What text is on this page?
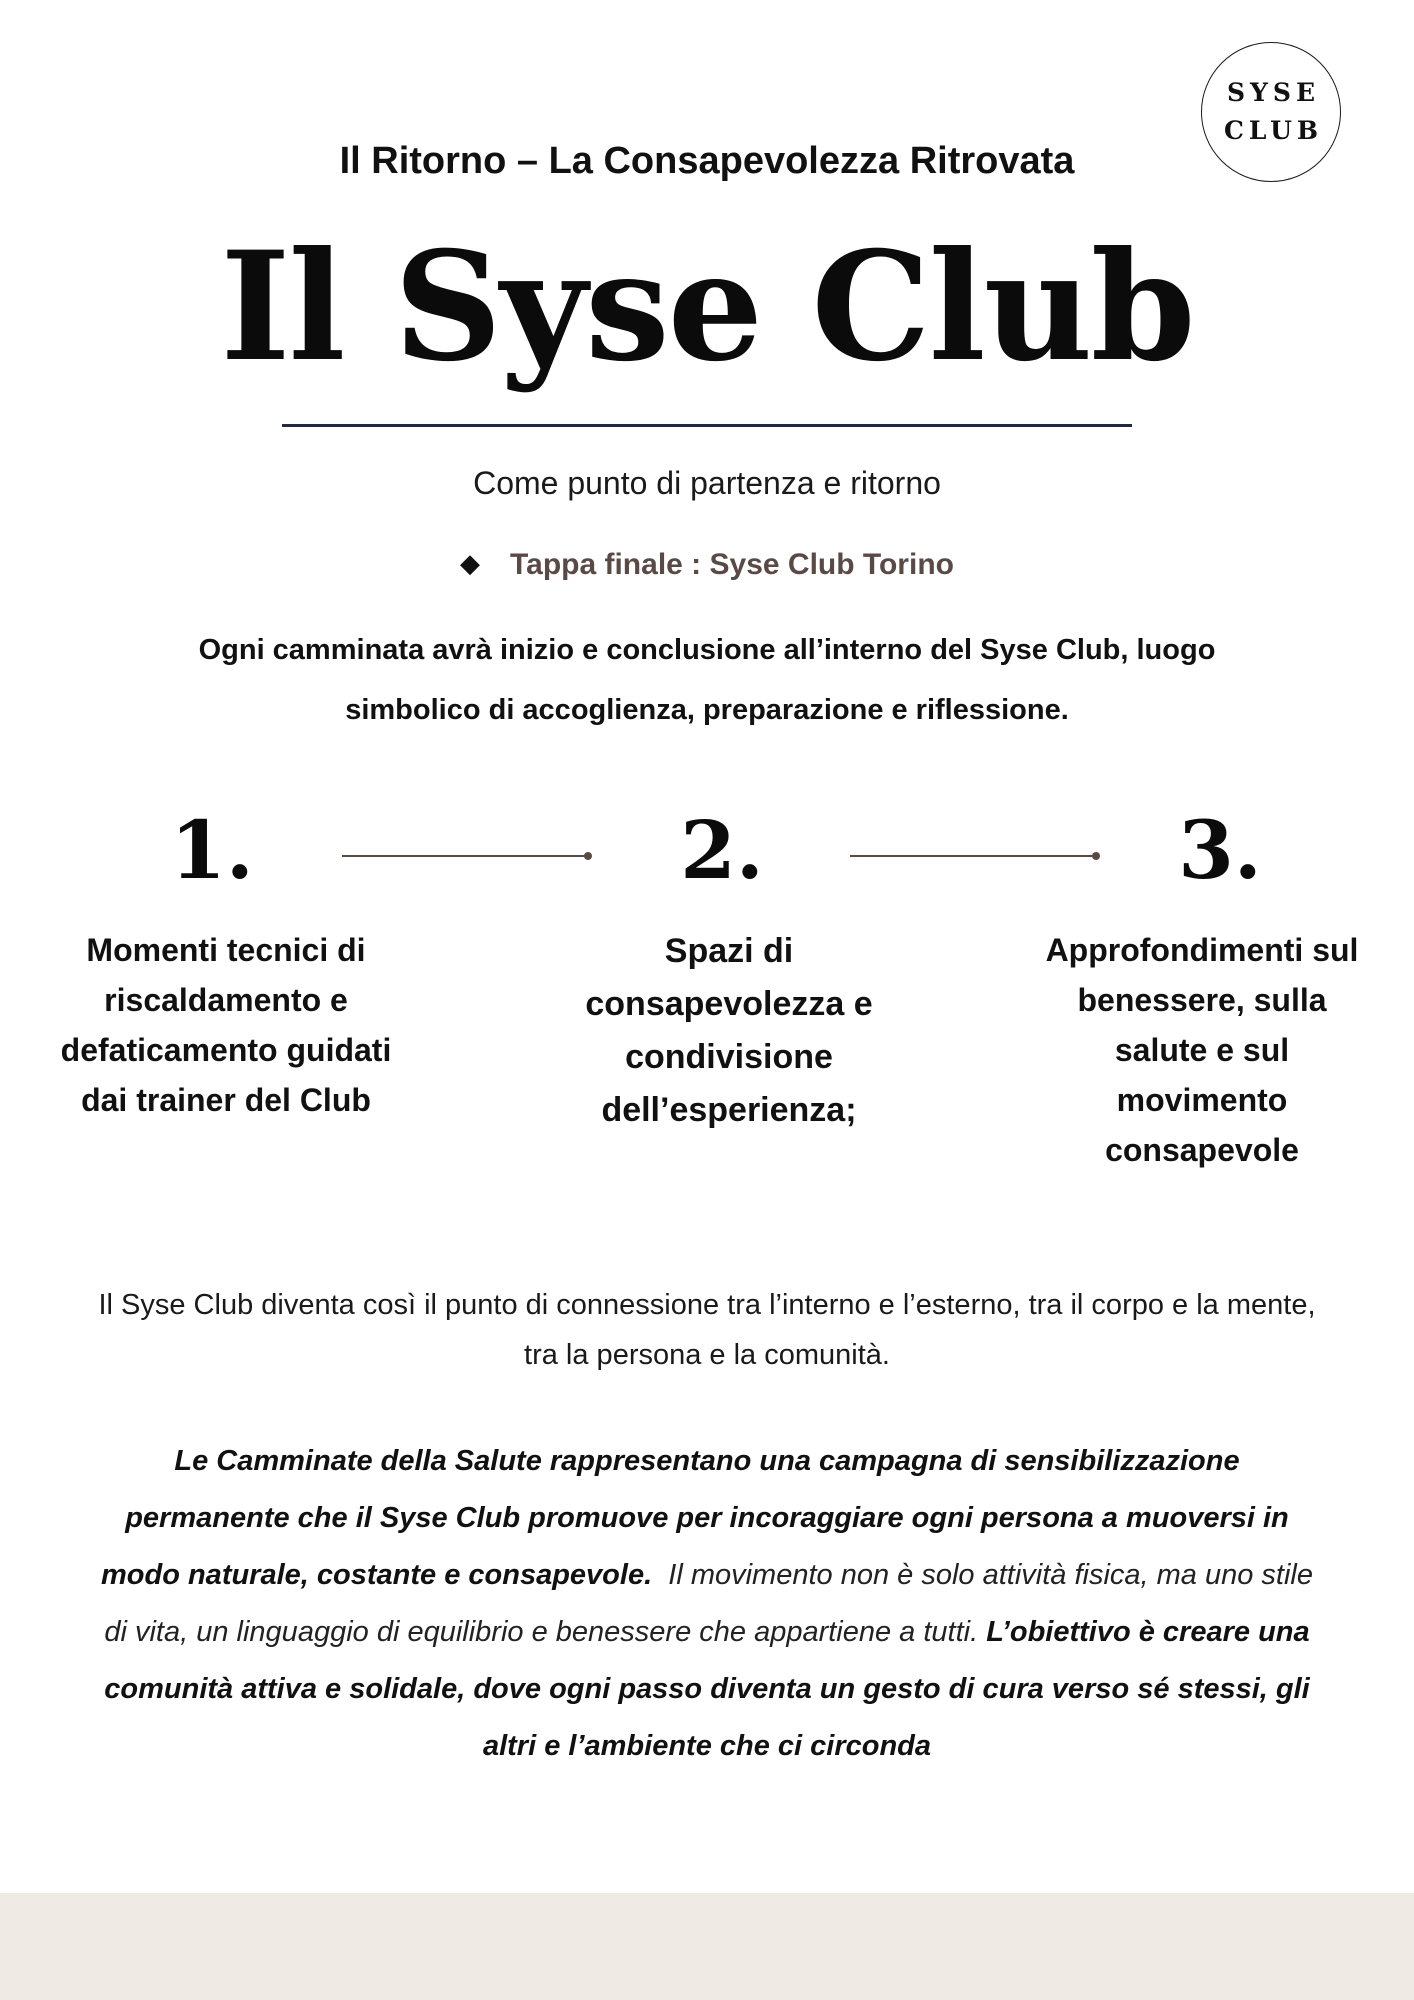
SYSE
CLUB
Il Ritorno – La Consapevolezza Ritrovata
Il Syse Club
Come punto di partenza e ritorno
◆ Tappa finale : Syse Club Torino
Ogni camminata avrà inizio e conclusione all’interno del Syse Club, luogo simbolico di accoglienza, preparazione e riflessione.
1.	2.	3.
Momenti tecnici di riscaldamento e defaticamento guidati dai trainer del Club
Spazi di consapevolezza e condivisione dell’esperienza;
Approfondimenti sul benessere, sulla salute e sul movimento consapevole
Il Syse Club diventa così il punto di connessione tra l’interno e l’esterno, tra il corpo e la mente, tra la persona e la comunità.
Le Camminate della Salute rappresentano una campagna di sensibilizzazione permanente che il Syse Club promuove per incoraggiare ogni persona a muoversi in modo naturale, costante e consapevole. Il movimento non è solo attività fisica, ma uno stile di vita, un linguaggio di equilibrio e benessere che appartiene a tutti. L’obiettivo è creare una comunità attiva e solidale, dove ogni passo diventa un gesto di cura verso sé stessi, gli altri e l’ambiente che ci circonda
